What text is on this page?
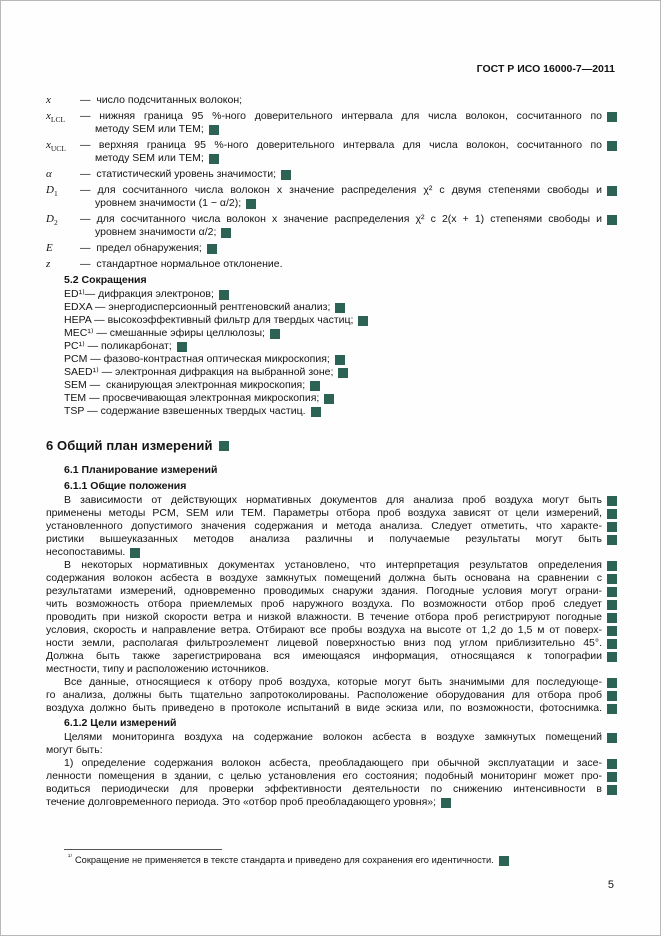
ГОСТ Р ИСО 16000-7—2011
x	—  число подсчитанных волокон;
$x_{LCL}$	— нижняя граница 95 %-ного доверительного интервала для числа волокон, сосчитанного по
методу SEM или TEM;
$x_{UCL}$	— верхняя граница 95 %-ного доверительного интервала для числа волокон, сосчитанного по
методу SEM или TEM;
α	—  статистический уровень значимости;
$D_1$	— для сосчитанного числа волокон x значение распределения χ² с двумя степенями свободы и
уровнем значимости (1 − α/2);
$D_2$	— для сосчитанного числа волокон x значение распределения χ² с 2(x + 1) степенями свободы и
уровнем значимости α/2;
E	—  предел обнаружения;
z	—  стандартное нормальное отклонение.
5.2 Сокращения
ED¹⁾— дифракция электронов;
EDXA — энергодисперсионный рентгеновский анализ;
HEPA — высокоэффективный фильтр для твердых частиц;
MEC¹⁾ — смешанные эфиры целлюлозы;
PC¹⁾ — поликарбонат;
PCM — фазово-контрастная оптическая микроскопия;
SAED¹⁾ — электронная дифракция на выбранной зоне;
SEM —  сканирующая электронная микроскопия;
TEM — просвечивающая электронная микроскопия;
TSP — содержание взвешенных твердых частиц.
6 Общий план измерений
6.1 Планирование измерений
6.1.1 Общие положения
В зависимости от действующих нормативных документов для анализа проб воздуха могут быть
применены методы PCM, SEM или TEM. Параметры отбора проб воздуха зависят от цели измерений,
установленного допустимого значения содержания и метода анализа. Следует отметить, что характе-
ристики вышеуказанных методов анализа различны и получаемые результаты могут быть
несопоставимы.
В некоторых нормативных документах установлено, что интерпретация результатов определения
содержания волокон асбеста в воздухе замкнутых помещений должна быть основана на сравнении с
результатами измерений, одновременно проводимых снаружи здания. Погодные условия могут ограни-
чить возможность отбора приемлемых проб наружного воздуха. По возможности отбор проб следует
проводить при низкой скорости ветра и низкой влажности. В течение отбора проб регистрируют погодные
условия, скорость и направление ветра. Отбирают все пробы воздуха на высоте от 1,2 до 1,5 м от поверх-
ности земли, располагая фильтроэлемент лицевой поверхностью вниз под углом приблизительно 45°.
Должна быть также зарегистрирована вся имеющаяся информация, относящаяся к топографии
местности, типу и расположению источников.
Все данные, относящиеся к отбору проб воздуха, которые могут быть значимыми для последующе-
го анализа, должны быть тщательно запротоколированы. Расположение оборудования для отбора проб
воздуха должно быть приведено в протоколе испытаний в виде эскиза или, по возможности, фотоснимка.
6.1.2 Цели измерений
Целями мониторинга воздуха на содержание волокон асбеста в воздухе замкнутых помещений
могут быть:
1) определение содержания волокон асбеста, преобладающего при обычной эксплуатации и засе-
ленности помещения в здании, с целью установления его состояния; подобный мониторинг может про-
водиться периодически для проверки эффективности деятельности по снижению интенсивности в
течение долговременного периода. Это «отбор проб преобладающего уровня»;
$^{^{1)}}$ Сокращение не применяется в тексте стандарта и приведено для сохранения его идентичности.
5
